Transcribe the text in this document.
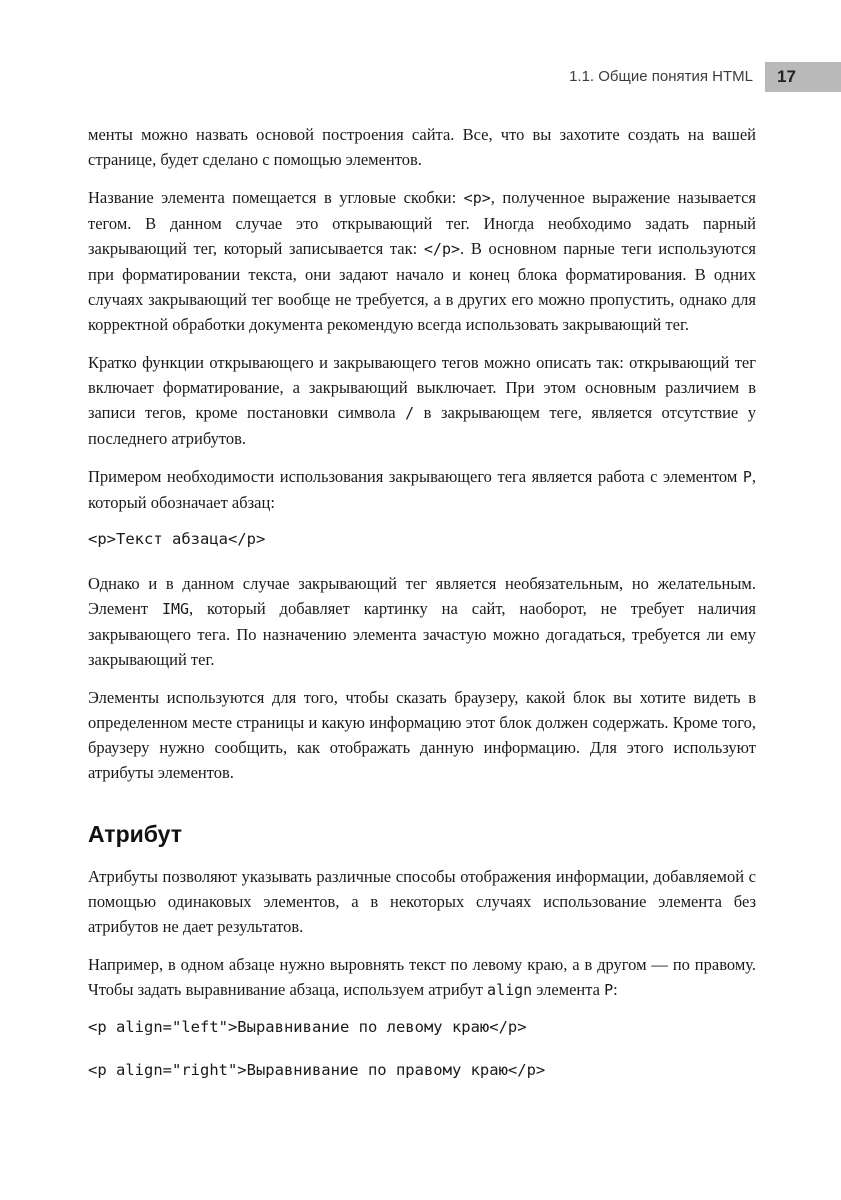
1.1. Общие понятия HTML	17

менты можно назвать основой построения сайта. Все, что вы захотите создать на вашей странице, будет сделано с помощью элементов.

Название элемента помещается в угловые скобки: <p>, полученное выражение называется тегом. В данном случае это открывающий тег. Иногда необходимо задать парный закрывающий тег, который записывается так: </p>. В основном парные теги используются при форматировании текста, они задают начало и конец блока форматирования. В одних случаях закрывающий тег вообще не требуется, а в других его можно пропустить, однако для корректной обработки документа рекомендую всегда использовать закрывающий тег.

Кратко функции открывающего и закрывающего тегов можно описать так: открывающий тег включает форматирование, а закрывающий выключает. При этом основным различием в записи тегов, кроме постановки символа / в закрывающем теге, является отсутствие у последнего атрибутов.

Примером необходимости использования закрывающего тега является работа с элементом P, который обозначает абзац:

<p>Текст абзаца</p>

Однако и в данном случае закрывающий тег является необязательным, но желательным. Элемент IMG, который добавляет картинку на сайт, наоборот, не требует наличия закрывающего тега. По назначению элемента зачастую можно догадаться, требуется ли ему закрывающий тег.

Элементы используются для того, чтобы сказать браузеру, какой блок вы хотите видеть в определенном месте страницы и какую информацию этот блок должен содержать. Кроме того, браузеру нужно сообщить, как отображать данную информацию. Для этого используют атрибуты элементов.

Атрибут

Атрибуты позволяют указывать различные способы отображения информации, добавляемой с помощью одинаковых элементов, а в некоторых случаях использование элемента без атрибутов не дает результатов.

Например, в одном абзаце нужно выровнять текст по левому краю, а в другом — по правому. Чтобы задать выравнивание абзаца, используем атрибут align элемента P:

<p align="left">Выравнивание по левому краю</p>
<p align="right">Выравнивание по правому краю</p>
